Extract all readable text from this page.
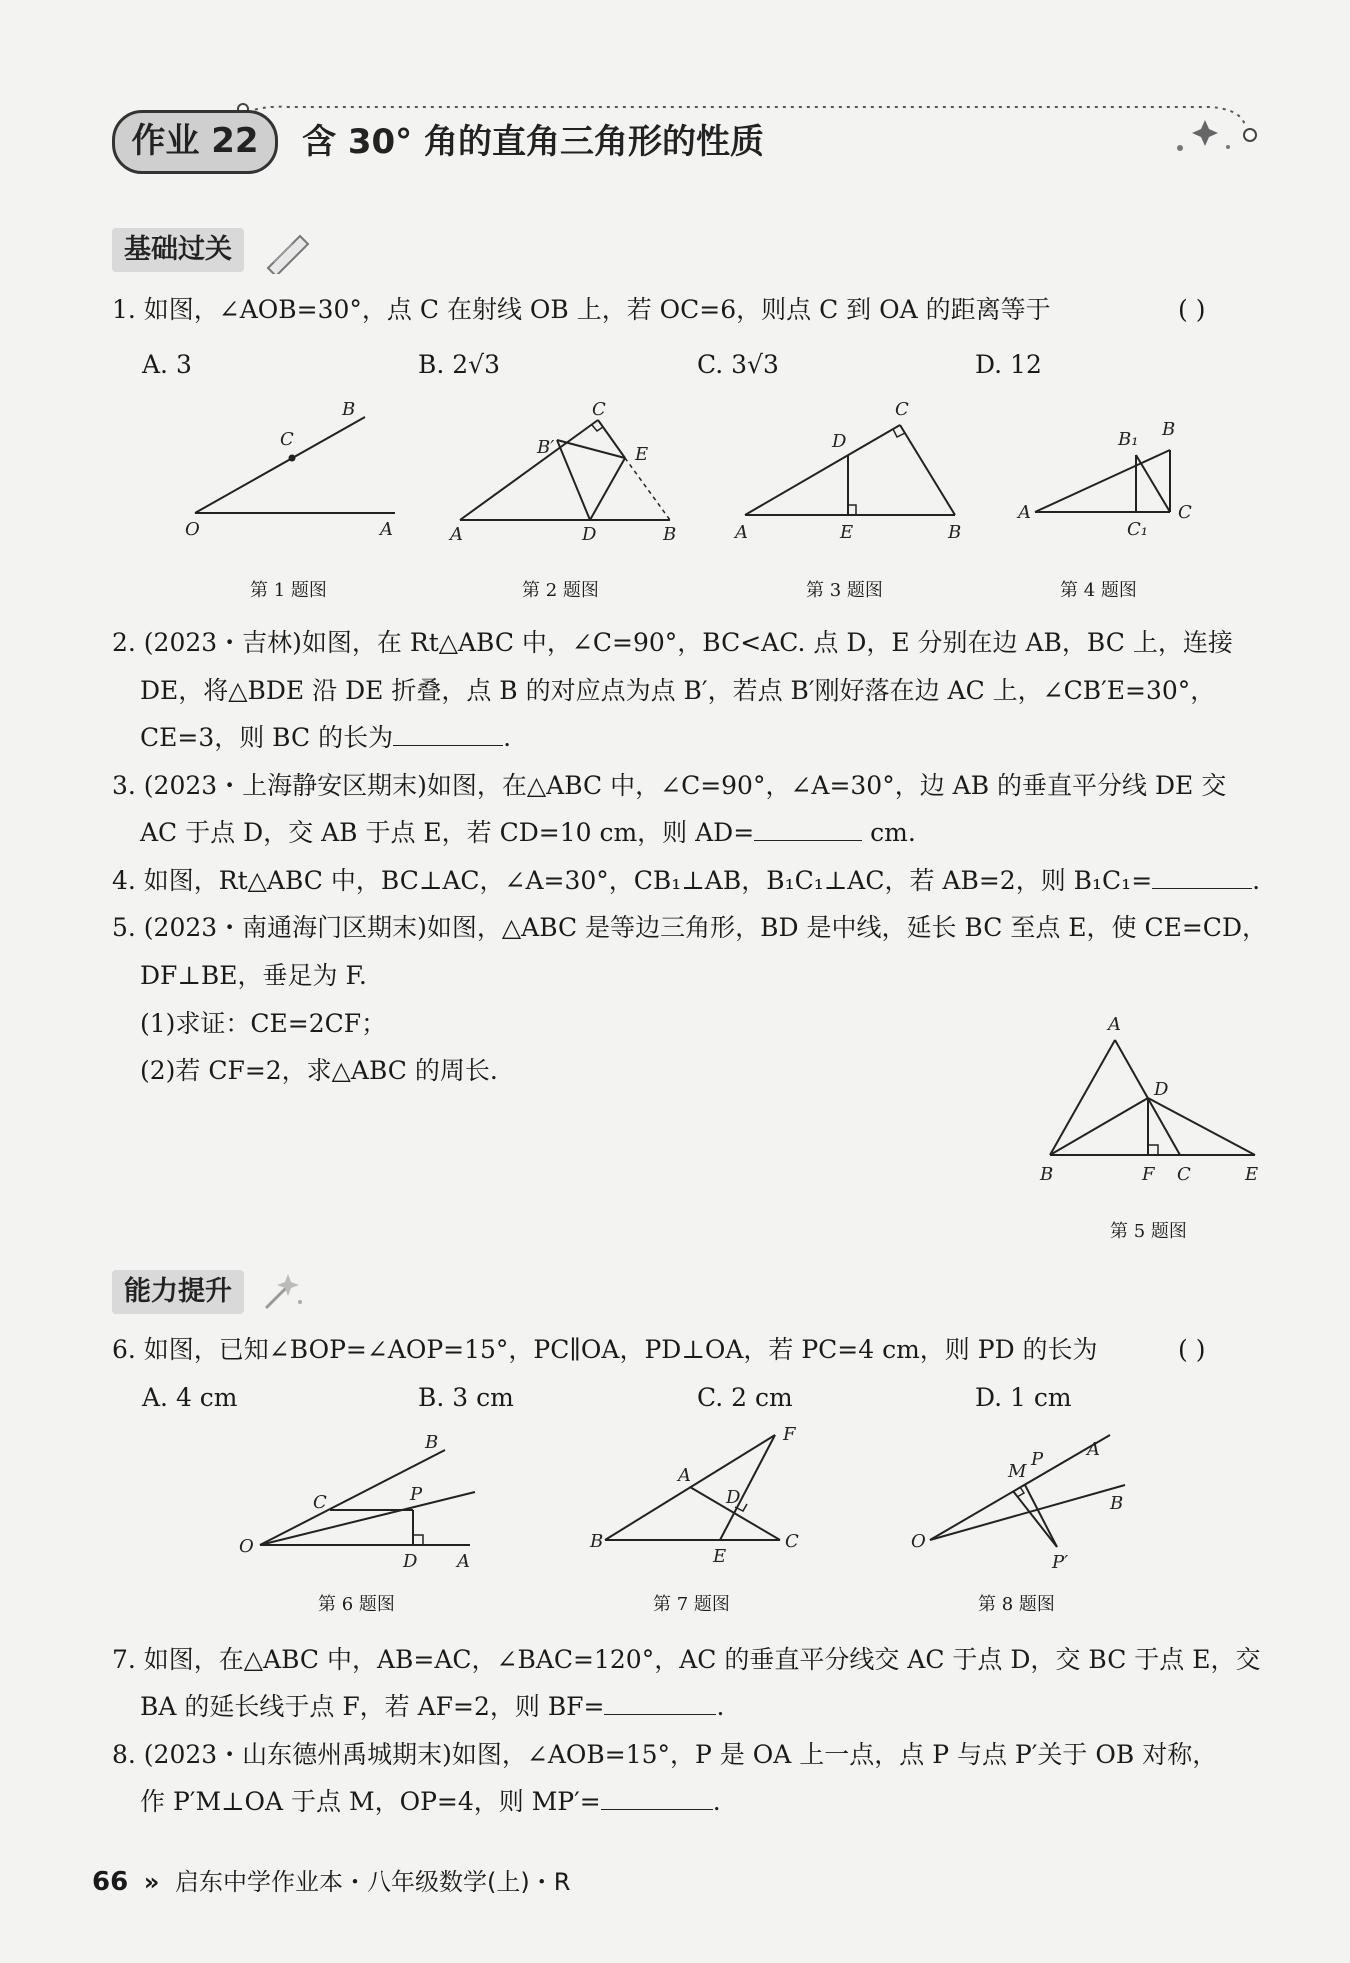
作业 22	含 30° 角的直角三角形的性质
基础过关
1. 如图，∠AOB=30°，点 C 在射线 OB 上，若 OC=6，则点 C 到 OA 的距离等于	( )
A. 3	B. 2√3	C. 3√3	D. 12
C
B
O	A
C
B′	E
A	D	B
C
D
A	E	B
B₁ B
A	C
C₁
第 1 题图	第 2 题图	第 3 题图	第 4 题图
2. (2023・吉林)如图，在 Rt△ABC 中，∠C=90°，BC<AC. 点 D，E 分别在边 AB，BC 上，连接
DE，将△BDE 沿 DE 折叠，点 B 的对应点为点 B′，若点 B′刚好落在边 AC 上，∠CB′E=30°，
CE=3，则 BC 的长为	.
3. (2023・上海静安区期末)如图，在△ABC 中，∠C=90°，∠A=30°，边 AB 的垂直平分线 DE 交
AC 于点 D，交 AB 于点 E，若 CD=10 cm，则 AD=	cm.
4. 如图，Rt△ABC 中，BC⊥AC，∠A=30°，CB₁⊥AB，B₁C₁⊥AC，若 AB=2，则 B₁C₁=	.
5. (2023・南通海门区期末)如图，△ABC 是等边三角形，BD 是中线，延长 BC 至点 E，使 CE=CD，
DF⊥BE，垂足为 F.
(1)求证：CE=2CF；
(2)若 CF=2，求△ABC 的周长.
A
D
B	F C	E
第 5 题图
能力提升
6. 如图，已知∠BOP=∠AOP=15°，PC∥OA，PD⊥OA，若 PC=4 cm，则 PD 的长为	( )
A. 4 cm	B. 3 cm	C. 2 cm	D. 1 cm
B
C	P
O
D A
F
A
D
B
E
C
M
P A
B
O
P′
第 6 题图	第 7 题图	第 8 题图
7. 如图，在△ABC 中，AB=AC，∠BAC=120°，AC 的垂直平分线交 AC 于点 D，交 BC 于点 E，交
BA 的延长线于点 F，若 AF=2，则 BF=	.
8. (2023・山东德州禹城期末)如图，∠AOB=15°，P 是 OA 上一点，点 P 与点 P′关于 OB 对称，
作 P′M⊥OA 于点 M，OP=4，则 MP′=	.
66 » 启东中学作业本・八年级数学(上)・R
